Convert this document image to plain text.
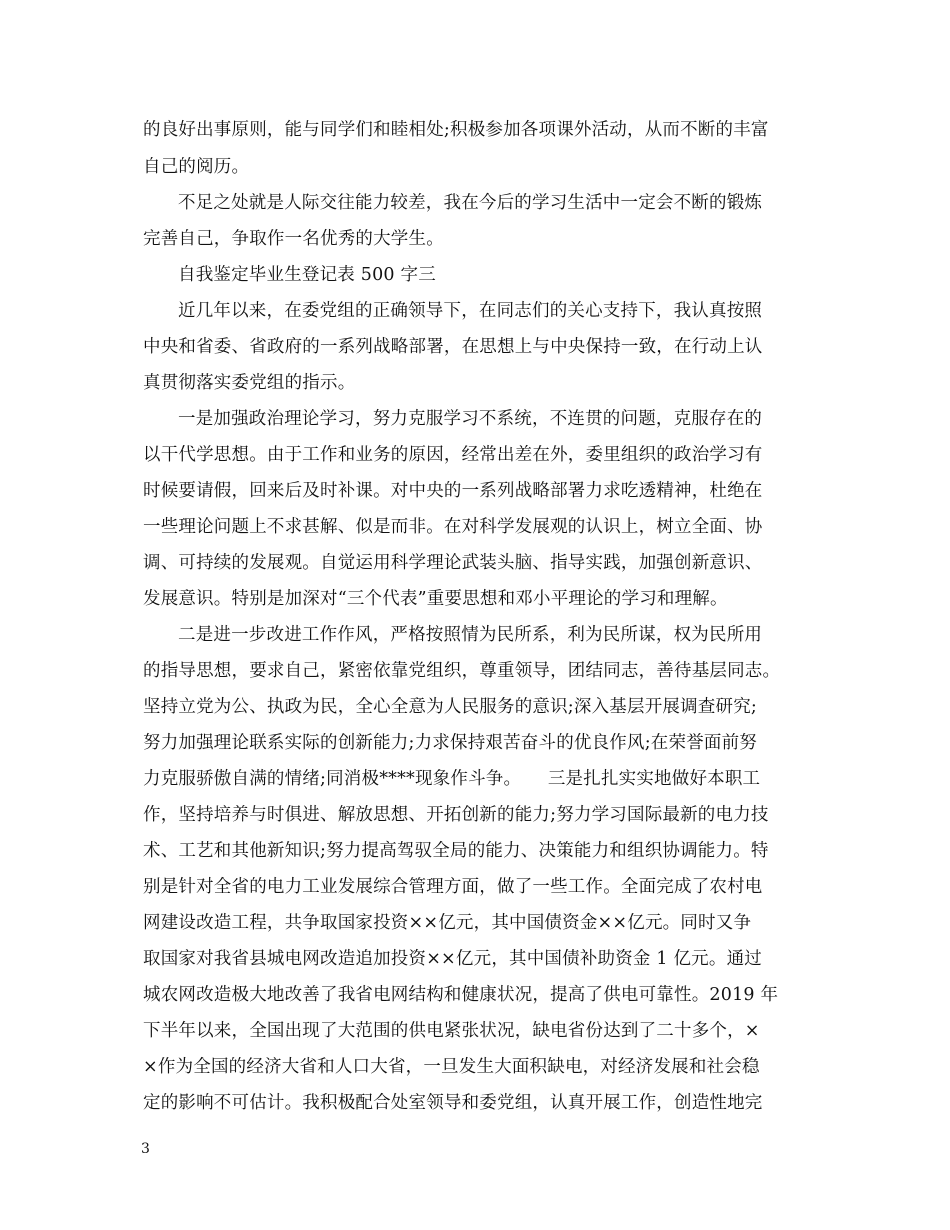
的良好出事原则，能与同学们和睦相处;积极参加各项课外活动，从而不断的丰富
自己的阅历。
不足之处就是人际交往能力较差，我在今后的学习生活中一定会不断的锻炼
完善自己，争取作一名优秀的大学生。
自我鉴定毕业生登记表 500 字三
近几年以来，在委党组的正确领导下，在同志们的关心支持下，我认真按照
中央和省委、省政府的一系列战略部署，在思想上与中央保持一致，在行动上认
真贯彻落实委党组的指示。
一是加强政治理论学习，努力克服学习不系统，不连贯的问题，克服存在的
以干代学思想。由于工作和业务的原因，经常出差在外，委里组织的政治学习有
时候要请假，回来后及时补课。对中央的一系列战略部署力求吃透精神，杜绝在
一些理论问题上不求甚解、似是而非。在对科学发展观的认识上，树立全面、协
调、可持续的发展观。自觉运用科学理论武装头脑、指导实践，加强创新意识、
发展意识。特别是加深对“三个代表”重要思想和邓小平理论的学习和理解。
二是进一步改进工作作风，严格按照情为民所系，利为民所谋，权为民所用
的指导思想，要求自己，紧密依靠党组织，尊重领导，团结同志，善待基层同志。
坚持立党为公、执政为民，全心全意为人民服务的意识;深入基层开展调查研究;
努力加强理论联系实际的创新能力;力求保持艰苦奋斗的优良作风;在荣誉面前努
力克服骄傲自满的情绪;同消极****现象作斗争。　　三是扎扎实实地做好本职工
作，坚持培养与时俱进、解放思想、开拓创新的能力;努力学习国际最新的电力技
术、工艺和其他新知识;努力提高驾驭全局的能力、决策能力和组织协调能力。特
别是针对全省的电力工业发展综合管理方面，做了一些工作。全面完成了农村电
网建设改造工程，共争取国家投资××亿元，其中国债资金××亿元。同时又争
取国家对我省县城电网改造追加投资××亿元，其中国债补助资金 1 亿元。通过
城农网改造极大地改善了我省电网结构和健康状况，提高了供电可靠性。2019 年
下半年以来，全国出现了大范围的供电紧张状况，缺电省份达到了二十多个，×
×作为全国的经济大省和人口大省，一旦发生大面积缺电，对经济发展和社会稳
定的影响不可估计。我积极配合处室领导和委党组，认真开展工作，创造性地完
3
